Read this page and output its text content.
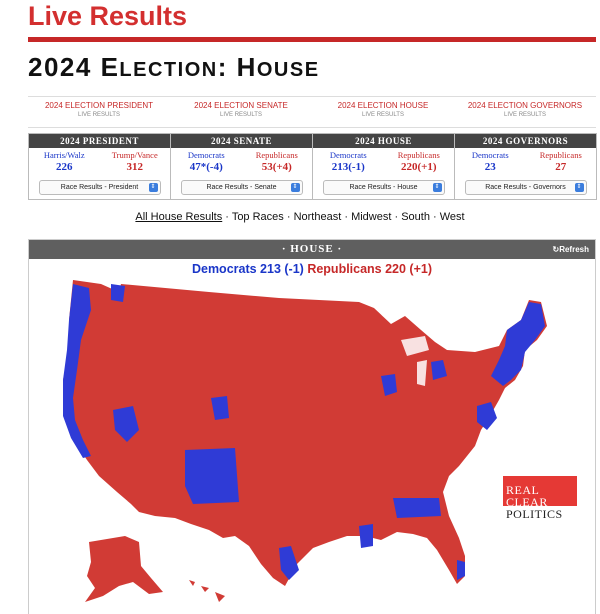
Live Results
2024 ELECTION: HOUSE
2024 ELECTION PRESIDENT
LIVE RESULTS
2024 ELECTION SENATE
LIVE RESULTS
2024 ELECTION HOUSE
LIVE RESULTS
2024 ELECTION GOVERNORS
LIVE RESULTS
2024 PRESIDENT
Harris/Walz
226
Trump/Vance
312
Race Results - President	⇕
2024 SENATE
Democrats
47*(-4)
Republicans
53(+4)
Race Results - Senate	⇕
2024 HOUSE
Democrats
213(-1)
Republicans
220(+1)
Race Results - House	⇕
2024 GOVERNORS
Democrats
23
Republicans
27
Race Results - Governors	⇕
All House Results · Top Races · Northeast · Midwest · South · West
· HOUSE ·	↻Refresh
Democrats 213 (-1) Republicans 220 (+1)
REAL
CLEAR
POLITICS
